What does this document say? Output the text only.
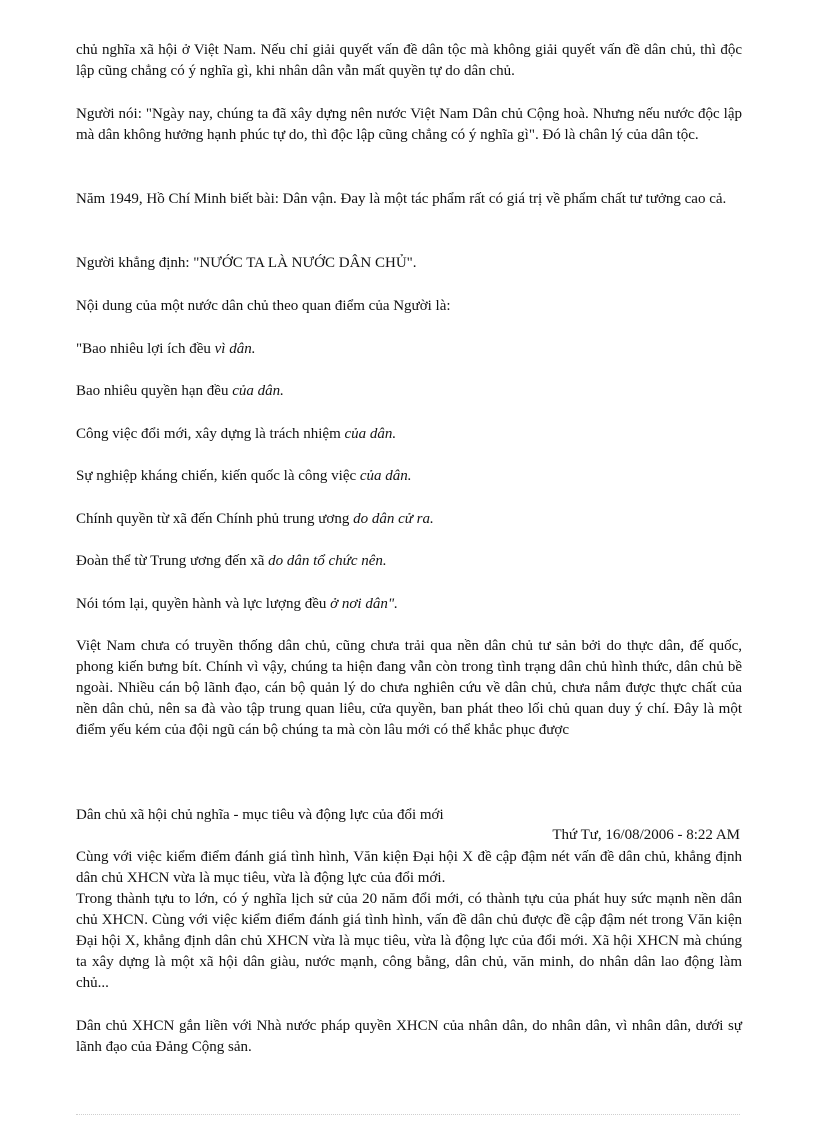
chủ nghĩa xã hội ở Việt Nam. Nếu chỉ giải quyết vấn đề dân tộc mà không giải quyết vấn đề dân chủ, thì độc lập cũng chẳng có ý nghĩa gì, khi nhân dân vẫn mất quyền tự do dân chủ.

Người nói: "Ngày nay, chúng ta đã xây dựng nên nước Việt Nam Dân chủ Cộng hoà. Nhưng nếu nước độc lập mà dân không hưởng hạnh phúc tự do, thì độc lập cũng chẳng có ý nghĩa gì". Đó là chân lý của dân tộc.

Năm 1949, Hồ Chí Minh biết bài: Dân vận. Đay là một tác phẩm rất có giá trị về phẩm chất tư tưởng cao cả.

Người khẳng định: "NƯỚC TA LÀ NƯỚC DÂN CHỦ".

Nội dung của một nước dân chủ theo quan điểm của Người là:

"Bao nhiêu lợi ích đều vì dân.

Bao nhiêu quyền hạn đều của dân.

Công việc đổi mới, xây dựng là trách nhiệm của dân.

Sự nghiệp kháng chiến, kiến quốc là công việc của dân.

Chính quyền từ xã đến Chính phủ trung ương do dân cử ra.

Đoàn thể từ Trung ương đến xã do dân tổ chức nên.

Nói tóm lại, quyền hành và lực lượng đều ở nơi dân".

Việt Nam chưa có truyền thống dân chủ, cũng chưa trải qua nền dân chủ tư sản bởi do thực dân, đế quốc, phong kiến bưng bít. Chính vì vậy, chúng ta hiện đang vẫn còn trong tình trạng dân chủ hình thức, dân chủ bề ngoài. Nhiều cán bộ lãnh đạo, cán bộ quản lý do chưa nghiên cứu về dân chủ, chưa nắm được thực chất của nền dân chủ, nên sa đà vào tập trung quan liêu, cửa quyền, ban phát theo lối chủ quan duy ý chí. Đây là một điểm yếu kém của đội ngũ cán bộ chúng ta mà còn lâu mới có thể khắc phục được

Dân chủ xã hội chủ nghĩa - mục tiêu và động lực của đổi mới

Thứ Tư, 16/08/2006 - 8:22 AM

Cùng với việc kiểm điểm đánh giá tình hình, Văn kiện Đại hội X đề cập đậm nét vấn đề dân chủ, khẳng định dân chủ XHCN vừa là mục tiêu, vừa là động lực của đổi mới.

Trong thành tựu to lớn, có ý nghĩa lịch sử của 20 năm đổi mới, có thành tựu của phát huy sức mạnh nền dân chủ XHCN. Cùng với việc kiểm điểm đánh giá tình hình, vấn đề dân chủ được đề cập đậm nét trong Văn kiện Đại hội X, khẳng định dân chủ XHCN vừa là mục tiêu, vừa là động lực của đổi mới. Xã hội XHCN mà chúng ta xây dựng là một xã hội dân giàu, nước mạnh, công bằng, dân chủ, văn minh, do nhân dân lao động làm chủ...

Dân chủ XHCN gắn liền với Nhà nước pháp quyền XHCN của nhân dân, do nhân dân, vì nhân dân, dưới sự lãnh đạo của Đảng Cộng sản.
